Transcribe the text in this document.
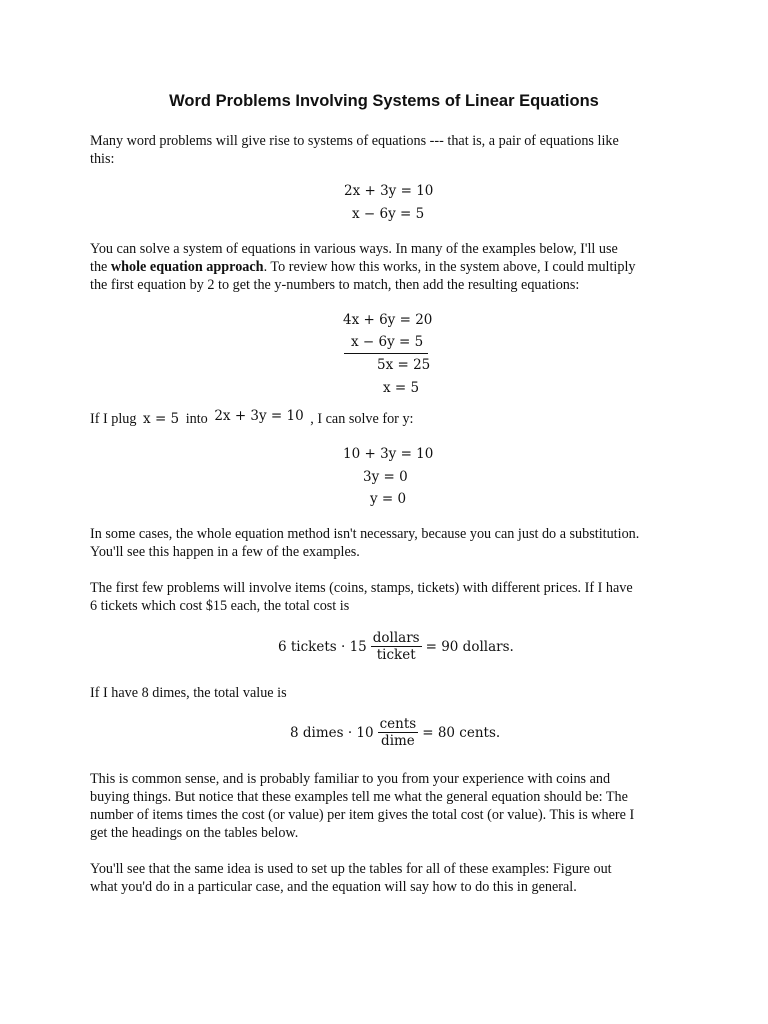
Word Problems Involving Systems of Linear Equations
Many word problems will give rise to systems of equations --- that is, a pair of equations like
this:
2x + 3y = 10
x − 6y = 5
You can solve a system of equations in various ways. In many of the examples below, I'll use
the whole equation approach. To review how this works, in the system above, I could multiply
the first equation by 2 to get the y-numbers to match, then add the resulting equations:
4x + 6y = 20
x − 6y = 5
5x = 25
x = 5
If I plug x = 5 into 2x + 3y = 10 , I can solve for y:
10 + 3y = 10
3y = 0
y = 0
In some cases, the whole equation method isn't necessary, because you can just do a substitution.
You'll see this happen in a few of the examples.
The first few problems will involve items (coins, stamps, tickets) with different prices. If I have
6 tickets which cost $15 each, the total cost is
6 tickets · $15 \frac{\text{dollars}}{\text{ticket}} = 90$ dollars.
If I have 8 dimes, the total value is
8 dimes · $10 \frac{\text{cents}}{\text{dime}} = 80$ cents.
This is common sense, and is probably familiar to you from your experience with coins and
buying things. But notice that these examples tell me what the general equation should be: The
number of items times the cost (or value) per item gives the total cost (or value). This is where I
get the headings on the tables below.
You'll see that the same idea is used to set up the tables for all of these examples: Figure out
what you'd do in a particular case, and the equation will say how to do this in general.
